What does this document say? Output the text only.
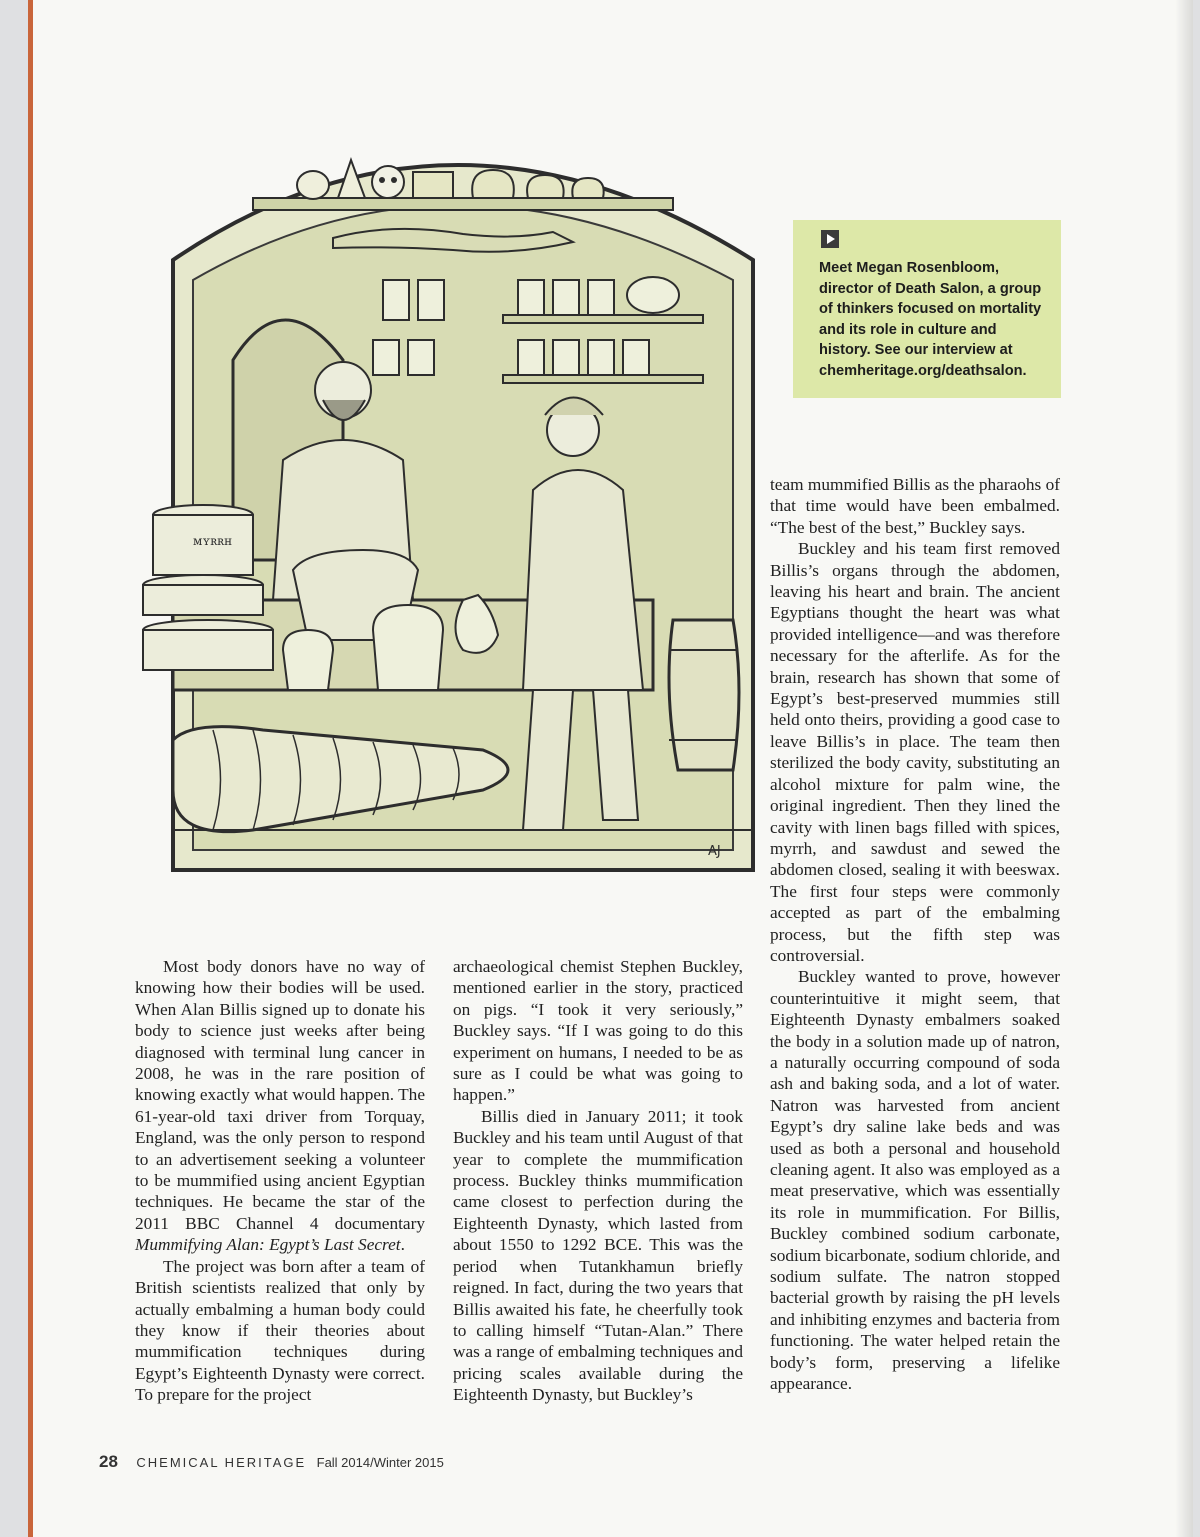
ᴍʏʀʀʜ
AJ
Meet Megan Rosenbloom, director of Death Salon, a group of thinkers focused on mortality and its role in culture and history. See our interview at chemheritage.org/deathsalon.

Most body donors have no way of knowing how their bodies will be used. When Alan Billis signed up to donate his body to science just weeks after being diagnosed with terminal lung cancer in 2008, he was in the rare position of knowing exactly what would happen. The 61-year-old taxi driver from Torquay, England, was the only person to respond to an advertisement seeking a volunteer to be mummified using ancient Egyptian techniques. He became the star of the 2011 BBC Channel 4 documentary Mummifying Alan: Egypt’s Last Secret.

The project was born after a team of British scientists realized that only by actually embalming a human body could they know if their theories about mummification techniques during Egypt’s Eighteenth Dynasty were correct. To prepare for the project

archaeological chemist Stephen Buckley, mentioned earlier in the story, practiced on pigs. “I took it very seriously,” Buckley says. “If I was going to do this experiment on humans, I needed to be as sure as I could be what was going to happen.”

Billis died in January 2011; it took Buckley and his team until August of that year to complete the mummification process. Buckley thinks mummification came closest to perfection during the Eighteenth Dynasty, which lasted from about 1550 to 1292 BCE. This was the period when Tutankhamun briefly reigned. In fact, during the two years that Billis awaited his fate, he cheerfully took to calling himself “Tutan-Alan.” There was a range of embalming techniques and pricing scales available during the Eighteenth Dynasty, but Buckley’s

team mummified Billis as the pharaohs of that time would have been embalmed. “The best of the best,” Buckley says.

Buckley and his team first removed Billis’s organs through the abdomen, leaving his heart and brain. The ancient Egyptians thought the heart was what provided intelligence—and was therefore necessary for the afterlife. As for the brain, research has shown that some of Egypt’s best-preserved mummies still held onto theirs, providing a good case to leave Billis’s in place. The team then sterilized the body cavity, substituting an alcohol mixture for palm wine, the original ingredient. Then they lined the cavity with linen bags filled with spices, myrrh, and sawdust and sewed the abdomen closed, sealing it with beeswax. The first four steps were commonly accepted as part of the embalming process, but the fifth step was controversial.

Buckley wanted to prove, however counterintuitive it might seem, that Eighteenth Dynasty embalmers soaked the body in a solution made up of natron, a naturally occurring compound of soda ash and baking soda, and a lot of water. Natron was harvested from ancient Egypt’s dry saline lake beds and was used as both a personal and household cleaning agent. It also was employed as a meat preservative, which was essentially its role in mummification. For Billis, Buckley combined sodium carbonate, sodium bicarbonate, sodium chloride, and sodium sulfate. The natron stopped bacterial growth by raising the pH levels and inhibiting enzymes and bacteria from functioning. The water helped retain the body’s form, preserving a lifelike appearance.

28 CHEMICAL HERITAGE Fall 2014/Winter 2015
